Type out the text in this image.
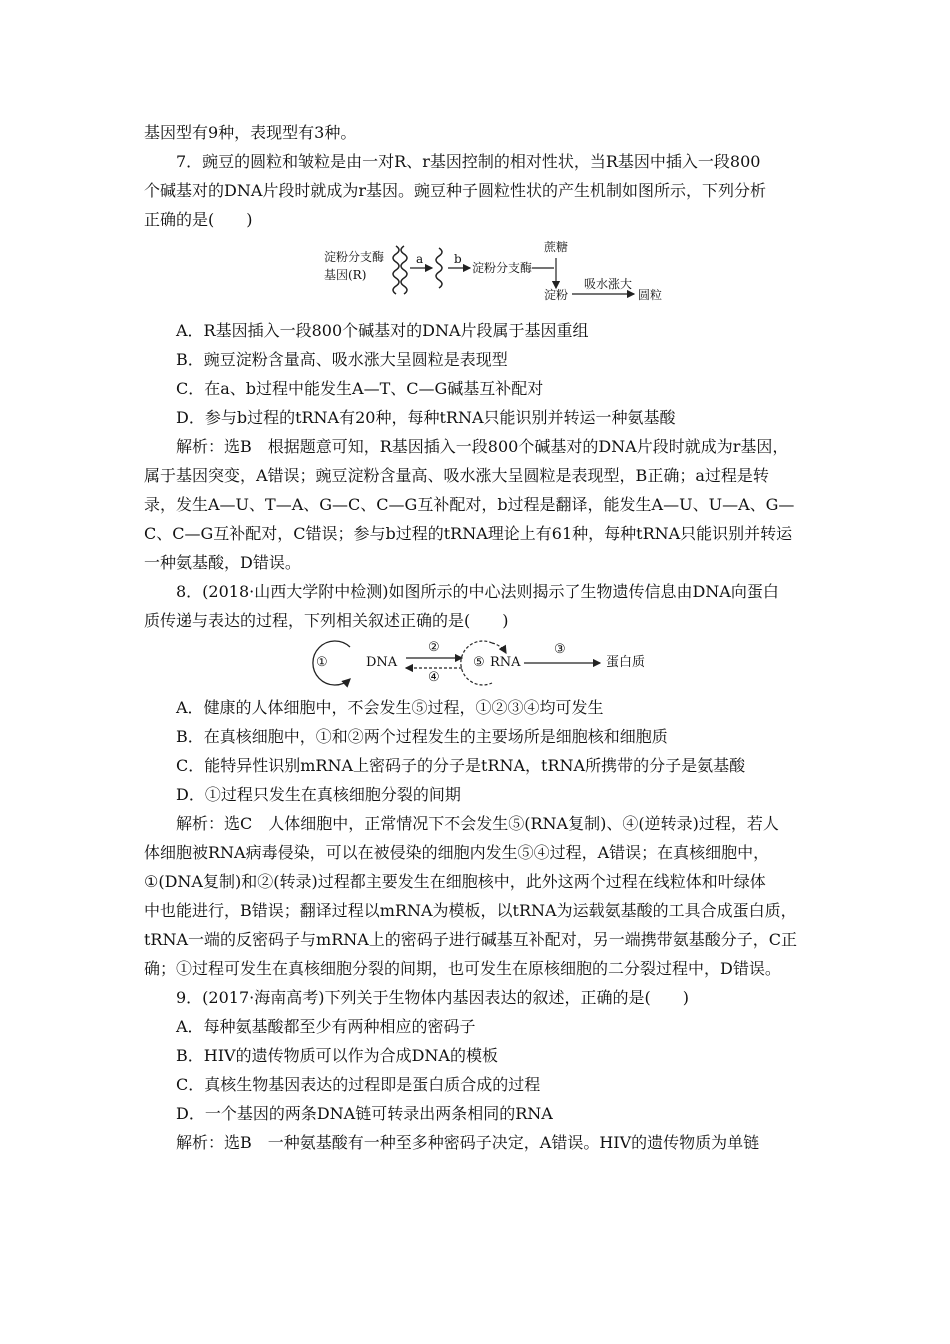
基因型有9种，表现型有3种。
7．豌豆的圆粒和皱粒是由一对R、r基因控制的相对性状，当R基因中插入一段800
个碱基对的DNA片段时就成为r基因。豌豆种子圆粒性状的产生机制如图所示，下列分析
正确的是(　　)
淀粉分支酶
基因(R)
a	b
淀粉分支酶
蔗糖
淀粉
吸水涨大
圆粒
A．R基因插入一段800个碱基对的DNA片段属于基因重组
B．豌豆淀粉含量高、吸水涨大呈圆粒是表现型
C．在a、b过程中能发生A—T、C—G碱基互补配对
D．参与b过程的tRNA有20种，每种tRNA只能识别并转运一种氨基酸
解析：选B　根据题意可知，R基因插入一段800个碱基对的DNA片段时就成为r基因，
属于基因突变，A错误；豌豆淀粉含量高、吸水涨大呈圆粒是表现型，B正确；a过程是转
录，发生A—U、T—A、G—C、C—G互补配对，b过程是翻译，能发生A—U、U—A、G—
C、C—G互补配对，C错误；参与b过程的tRNA理论上有61种，每种tRNA只能识别并转运
一种氨基酸，D错误。
8．(2018·山西大学附中检测)如图所示的中心法则揭示了生物遗传信息由DNA向蛋白
质传递与表达的过程，下列相关叙述正确的是(　　)
①	DNA
②
④
⑤ RNA
③
蛋白质
A．健康的人体细胞中，不会发生⑤过程，①②③④均可发生
B．在真核细胞中，①和②两个过程发生的主要场所是细胞核和细胞质
C．能特异性识别mRNA上密码子的分子是tRNA，tRNA所携带的分子是氨基酸
D．①过程只发生在真核细胞分裂的间期
解析：选C　人体细胞中，正常情况下不会发生⑤(RNA复制)、④(逆转录)过程，若人
体细胞被RNA病毒侵染，可以在被侵染的细胞内发生⑤④过程，A错误；在真核细胞中，
①(DNA复制)和②(转录)过程都主要发生在细胞核中，此外这两个过程在线粒体和叶绿体
中也能进行，B错误；翻译过程以mRNA为模板，以tRNA为运载氨基酸的工具合成蛋白质，
tRNA一端的反密码子与mRNA上的密码子进行碱基互补配对，另一端携带氨基酸分子，C正
确；①过程可发生在真核细胞分裂的间期，也可发生在原核细胞的二分裂过程中，D错误。
9．(2017·海南高考)下列关于生物体内基因表达的叙述，正确的是(　　)
A．每种氨基酸都至少有两种相应的密码子
B．HIV的遗传物质可以作为合成DNA的模板
C．真核生物基因表达的过程即是蛋白质合成的过程
D．一个基因的两条DNA链可转录出两条相同的RNA
解析：选B　一种氨基酸有一种至多种密码子决定，A错误。HIV的遗传物质为单链
